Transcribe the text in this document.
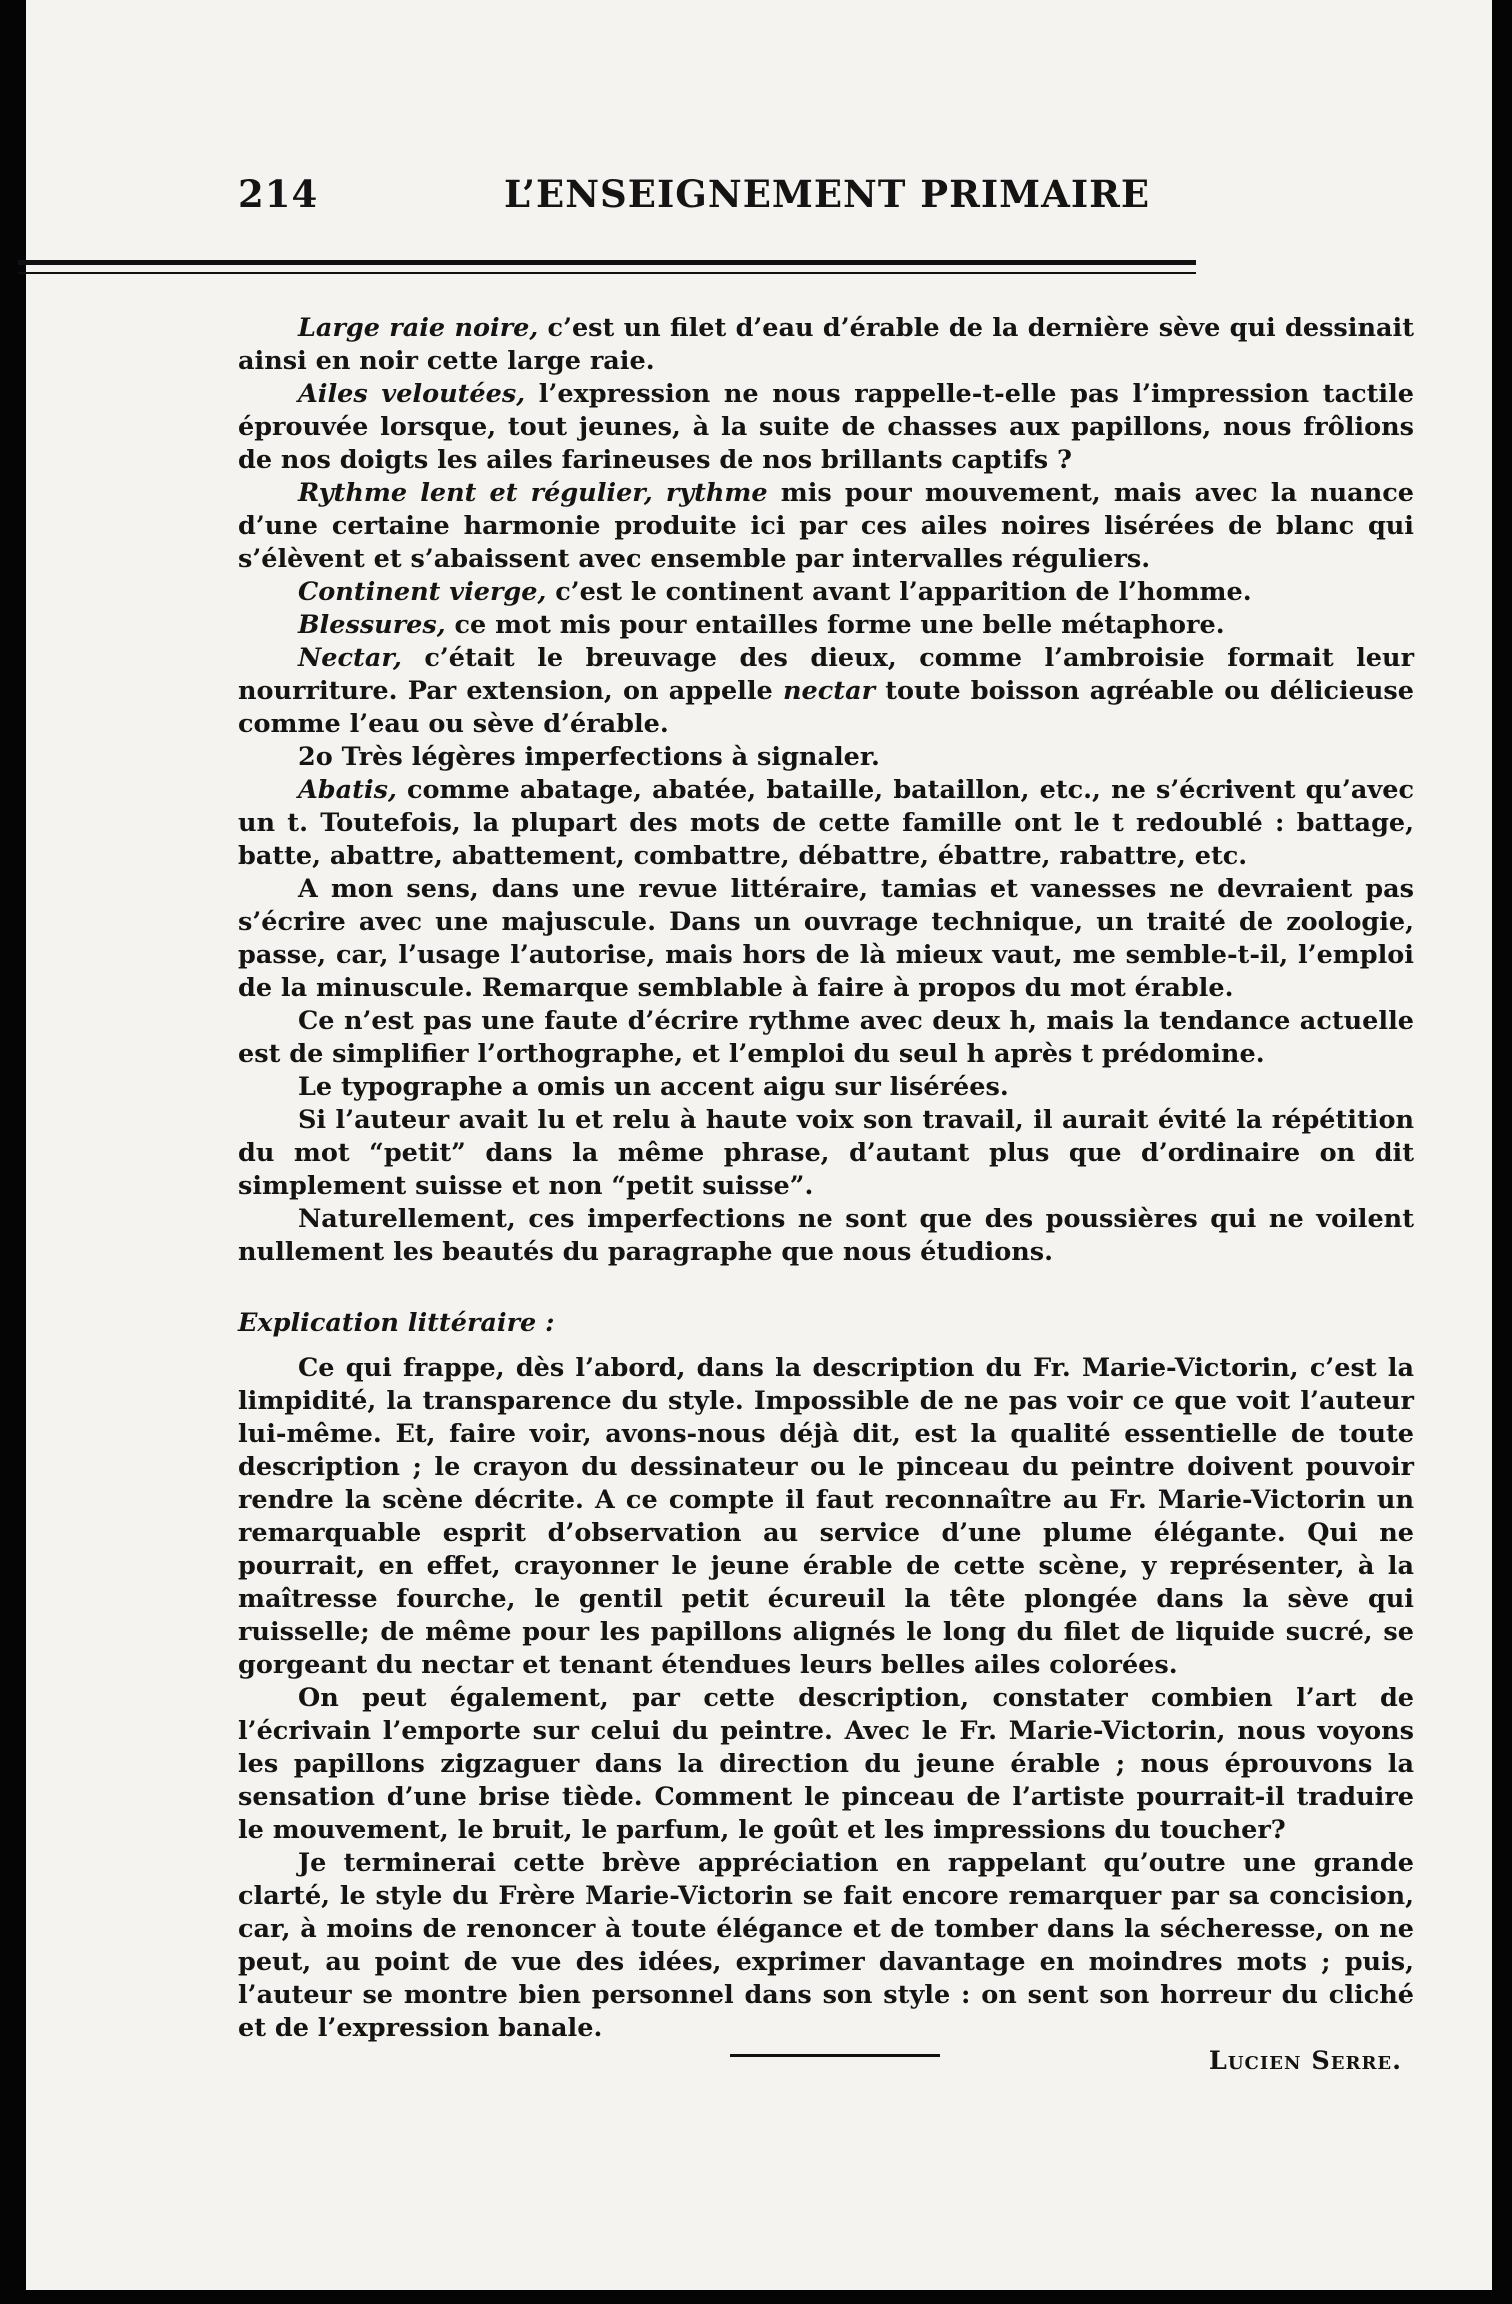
214	L’ENSEIGNEMENT PRIMAIRE

Large raie noire, c’est un filet d’eau d’érable de la dernière sève qui dessinait ainsi en noir cette large raie.

Ailes veloutées, l’expression ne nous rappelle-t-elle pas l’impression tactile éprouvée lorsque, tout jeunes, à la suite de chasses aux papillons, nous frôlions de nos doigts les ailes farineuses de nos brillants captifs ?

Rythme lent et régulier, rythme mis pour mouvement, mais avec la nuance d’une certaine harmonie produite ici par ces ailes noires lisérées de blanc qui s’élèvent et s’abaissent avec ensemble par intervalles réguliers.

Continent vierge, c’est le continent avant l’apparition de l’homme.

Blessures, ce mot mis pour entailles forme une belle métaphore.

Nectar, c’était le breuvage des dieux, comme l’ambroisie formait leur nourriture. Par extension, on appelle nectar toute boisson agréable ou délicieuse comme l’eau ou sève d’érable.

2o Très légères imperfections à signaler.

Abatis, comme abatage, abatée, bataille, bataillon, etc., ne s’écrivent qu’avec un t. Toutefois, la plupart des mots de cette famille ont le t redoublé : battage, batte, abattre, abattement, combattre, débattre, ébattre, rabattre, etc.

A mon sens, dans une revue littéraire, tamias et vanesses ne devraient pas s’écrire avec une majuscule. Dans un ouvrage technique, un traité de zoologie, passe, car, l’usage l’autorise, mais hors de là mieux vaut, me semble-t-il, l’emploi de la minuscule. Remarque semblable à faire à propos du mot érable.

Ce n’est pas une faute d’écrire rythme avec deux h, mais la tendance actuelle est de simplifier l’orthographe, et l’emploi du seul h après t prédomine.

Le typographe a omis un accent aigu sur lisérées.

Si l’auteur avait lu et relu à haute voix son travail, il aurait évité la répétition du mot “petit” dans la même phrase, d’autant plus que d’ordinaire on dit simplement suisse et non “petit suisse”.

Naturellement, ces imperfections ne sont que des poussières qui ne voilent nullement les beautés du paragraphe que nous étudions.

Explication littéraire :

Ce qui frappe, dès l’abord, dans la description du Fr. Marie-Victorin, c’est la limpidité, la transparence du style. Impossible de ne pas voir ce que voit l’auteur lui-même. Et, faire voir, avons-nous déjà dit, est la qualité essentielle de toute description ; le crayon du dessinateur ou le pinceau du peintre doivent pouvoir rendre la scène décrite. A ce compte il faut reconnaître au Fr. Marie-Victorin un remarquable esprit d’observation au service d’une plume élégante. Qui ne pourrait, en effet, crayonner le jeune érable de cette scène, y représenter, à la maîtresse fourche, le gentil petit écureuil la tête plongée dans la sève qui ruisselle; de même pour les papillons alignés le long du filet de liquide sucré, se gorgeant du nectar et tenant étendues leurs belles ailes colorées.

On peut également, par cette description, constater combien l’art de l’écrivain l’emporte sur celui du peintre. Avec le Fr. Marie-Victorin, nous voyons les papillons zigzaguer dans la direction du jeune érable ; nous éprouvons la sensation d’une brise tiède. Comment le pinceau de l’artiste pourrait-il traduire le mouvement, le bruit, le parfum, le goût et les impressions du toucher?

Je terminerai cette brève appréciation en rappelant qu’outre une grande clarté, le style du Frère Marie-Victorin se fait encore remarquer par sa concision, car, à moins de renoncer à toute élégance et de tomber dans la sécheresse, on ne peut, au point de vue des idées, exprimer davantage en moindres mots ; puis, l’auteur se montre bien personnel dans son style : on sent son horreur du cliché et de l’expression banale.

Lucien Serre.
